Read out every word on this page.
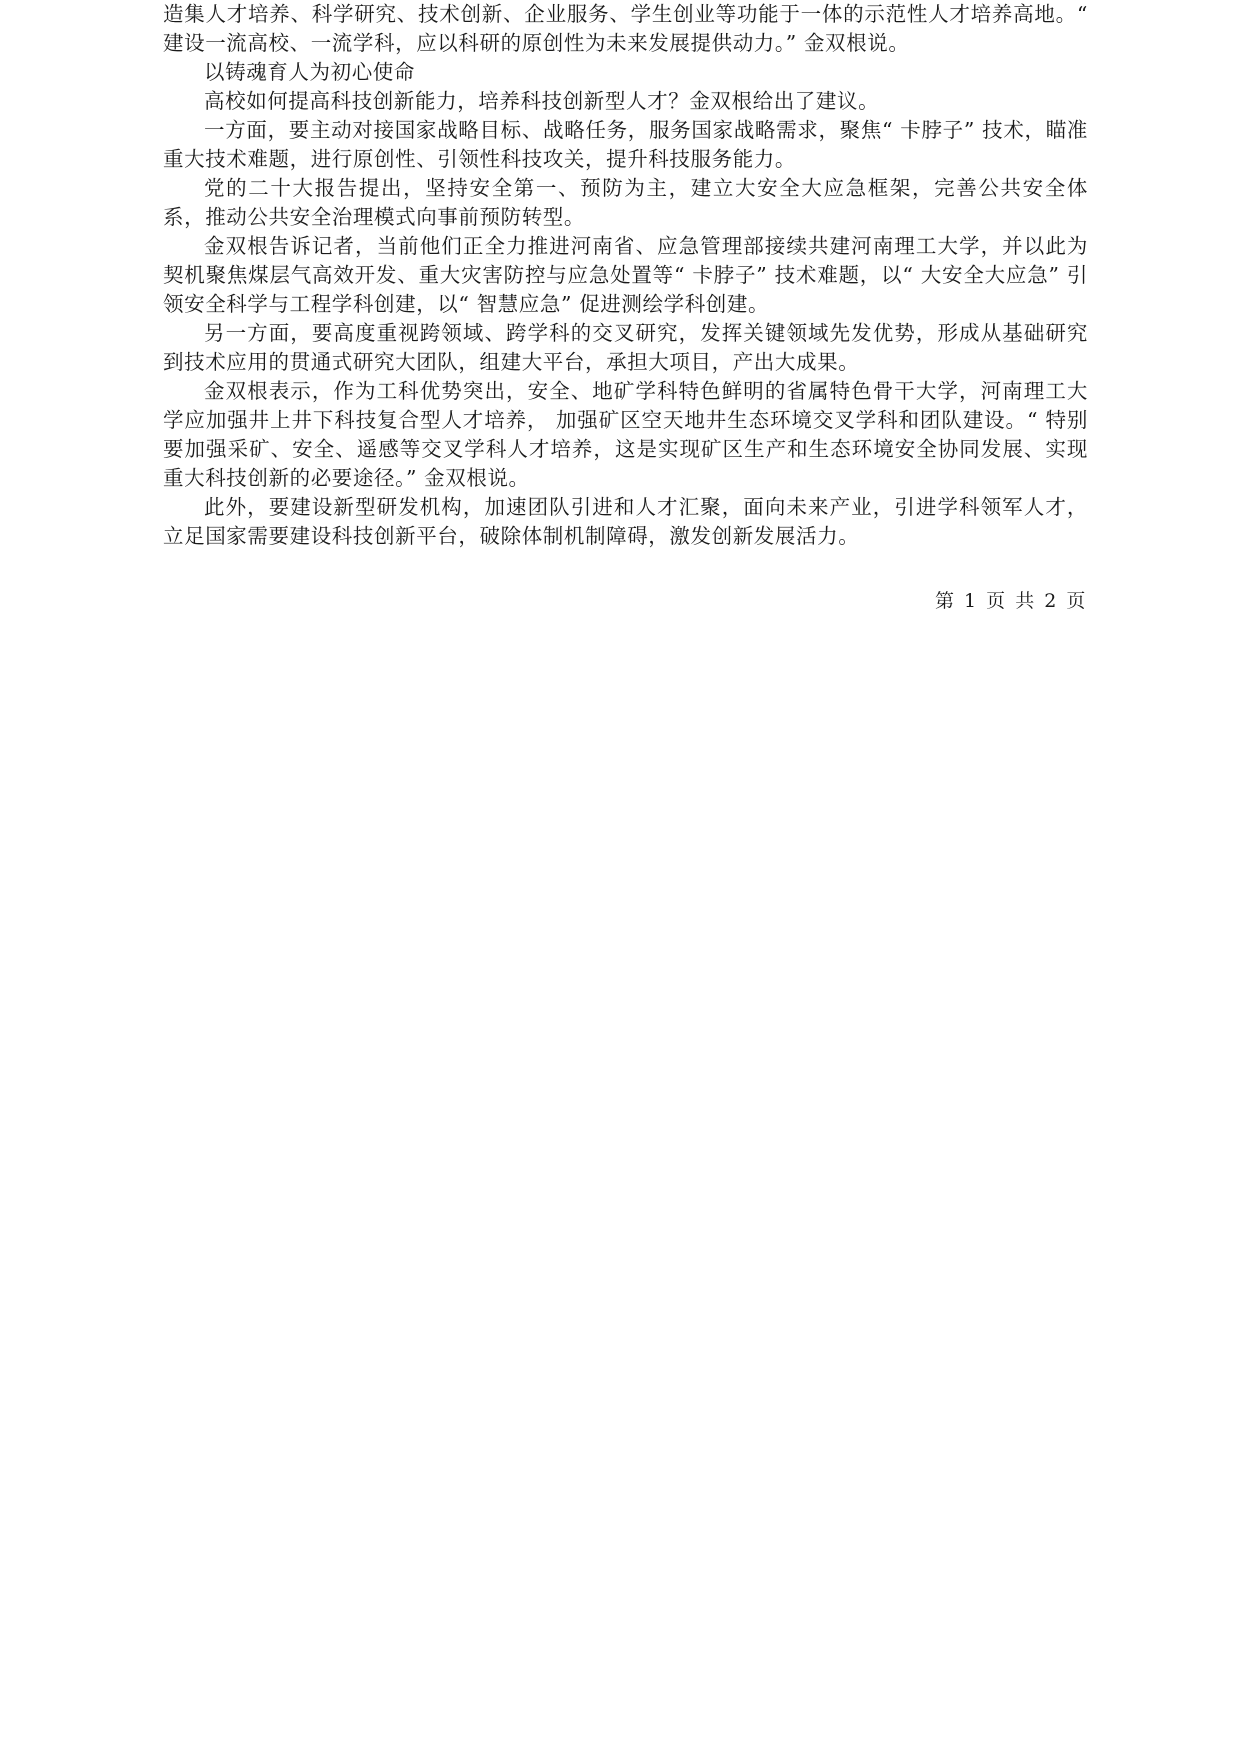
造集人才培养、科学研究、技术创新、企业服务、学生创业等功能于一体的示范性人才培养高地。“ 建设一流高校、一流学科，应以科研的原创性为未来发展提供动力。” 金双根说。

以铸魂育人为初心使命

高校如何提高科技创新能力，培养科技创新型人才？金双根给出了建议。

一方面，要主动对接国家战略目标、战略任务，服务国家战略需求，聚焦“ 卡脖子” 技术，瞄准重大技术难题，进行原创性、引领性科技攻关，提升科技服务能力。

党的二十大报告提出，坚持安全第一、预防为主，建立大安全大应急框架，完善公共安全体系，推动公共安全治理模式向事前预防转型。

金双根告诉记者，当前他们正全力推进河南省、应急管理部接续共建河南理工大学，并以此为契机聚焦煤层气高效开发、重大灾害防控与应急处置等“ 卡脖子” 技术难题，以“ 大安全大应急” 引领安全科学与工程学科创建，以“ 智慧应急” 促进测绘学科创建。

另一方面，要高度重视跨领域、跨学科的交叉研究，发挥关键领域先发优势，形成从基础研究到技术应用的贯通式研究大团队，组建大平台，承担大项目，产出大成果。

金双根表示，作为工科优势突出，安全、地矿学科特色鲜明的省属特色骨干大学，河南理工大学应加强井上井下科技复合型人才培养， 加强矿区空天地井生态环境交叉学科和团队建设。“ 特别要加强采矿、安全、遥感等交叉学科人才培养，这是实现矿区生产和生态环境安全协同发展、实现重大科技创新的必要途径。” 金双根说。

此外，要建设新型研发机构，加速团队引进和人才汇聚，面向未来产业，引进学科领军人才，立足国家需要建设科技创新平台，破除体制机制障碍，激发创新发展活力。

第 1 页 共 2 页
